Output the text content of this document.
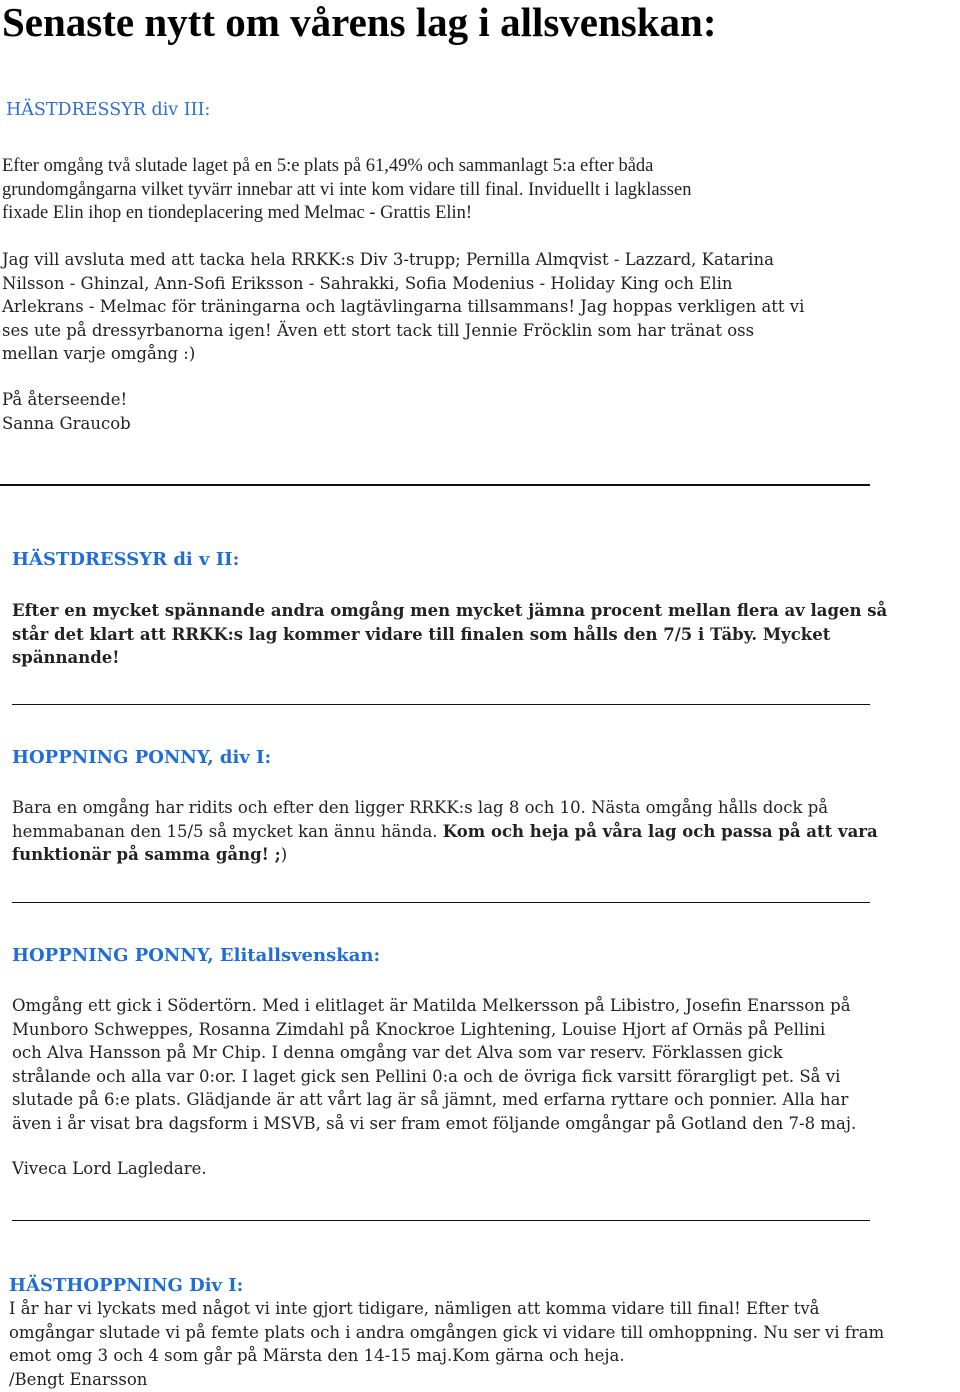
Senaste nytt om vårens lag i allsvenskan:
HÄSTDRESSYR div III:
Efter omgång två slutade laget på en 5:e plats på 61,49% och sammanlagt 5:a efter båda
grundomgångarna vilket tyvärr innebar att vi inte kom vidare till final. Inviduellt i lagklassen
fixade Elin ihop en tiondeplacering med Melmac - Grattis Elin!
Jag vill avsluta med att tacka hela RRKK:s Div 3-trupp; Pernilla Almqvist - Lazzard, Katarina
Nilsson - Ghinzal, Ann-Sofi Eriksson - Sahrakki, Sofia Modenius - Holiday King och Elin
Arlekrans - Melmac för träningarna och lagtävlingarna tillsammans! Jag hoppas verkligen att vi
ses ute på dressyrbanorna igen! Även ett stort tack till Jennie Fröcklin som har tränat oss
mellan varje omgång :)
På återseende!
Sanna Graucob
HÄSTDRESSYR di v II:
Efter en mycket spännande andra omgång men mycket jämna procent mellan flera av lagen så
står det klart att RRKK:s lag kommer vidare till finalen som hålls den 7/5 i Täby. Mycket
spännande!
HOPPNING PONNY, div I:
Bara en omgång har ridits och efter den ligger RRKK:s lag 8 och 10. Nästa omgång hålls dock på
hemmabanan den 15/5 så mycket kan ännu hända. Kom och heja på våra lag och passa på att vara
funktionär på samma gång! ;)
HOPPNING PONNY, Elitallsvenskan:
Omgång ett gick i Södertörn. Med i elitlaget är Matilda Melkersson på Libistro, Josefin Enarsson på
Munboro Schweppes, Rosanna Zimdahl på Knockroe Lightening, Louise Hjort af Ornäs på Pellini
och Alva Hansson på Mr Chip. I denna omgång var det Alva som var reserv. Förklassen gick
strålande och alla var 0:or. I laget gick sen Pellini 0:a och de övriga fick varsitt förargligt pet. Så vi
slutade på 6:e plats. Glädjande är att vårt lag är så jämnt, med erfarna ryttare och ponnier. Alla har
även i år visat bra dagsform i MSVB, så vi ser fram emot följande omgångar på Gotland den 7-8 maj.
Viveca Lord Lagledare.
HÄSTHOPPNING Div I:
I år har vi lyckats med något vi inte gjort tidigare, nämligen att komma vidare till final! Efter två
omgångar slutade vi på femte plats och i andra omgången gick vi vidare till omhoppning. Nu ser vi fram
emot omg 3 och 4 som går på Märsta den 14-15 maj.Kom gärna och heja.
/Bengt Enarsson
